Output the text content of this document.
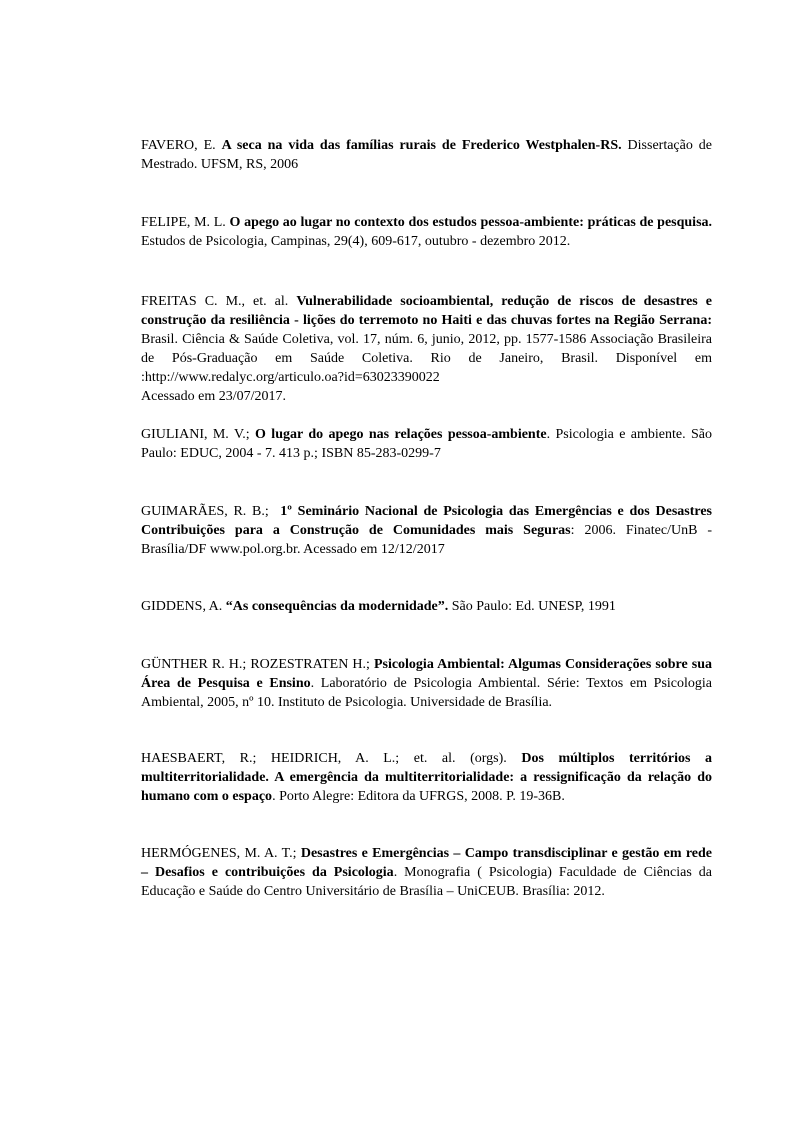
FAVERO, E. A seca na vida das famílias rurais de Frederico Westphalen-RS. Dissertação de Mestrado. UFSM, RS, 2006

FELIPE, M. L. O apego ao lugar no contexto dos estudos pessoa-ambiente: práticas de pesquisa. Estudos de Psicologia, Campinas, 29(4), 609-617, outubro - dezembro 2012.

FREITAS C. M., et. al. Vulnerabilidade socioambiental, redução de riscos de desastres e construção da resiliência - lições do terremoto no Haiti e das chuvas fortes na Região Serrana: Brasil. Ciência & Saúde Coletiva, vol. 17, núm. 6, junio, 2012, pp. 1577-1586 Associação Brasileira de Pós-Graduação em Saúde Coletiva. Rio de Janeiro, Brasil. Disponível em :http://www.redalyc.org/articulo.oa?id=63023390022
Acessado em 23/07/2017.

GIULIANI, M. V.; O lugar do apego nas relações pessoa-ambiente. Psicologia e ambiente. São Paulo: EDUC, 2004 - 7. 413 p.; ISBN 85-283-0299-7

GUIMARÃES, R. B.; 1º Seminário Nacional de Psicologia das Emergências e dos Desastres Contribuições para a Construção de Comunidades mais Seguras: 2006. Finatec/UnB - Brasília/DF www.pol.org.br. Acessado em 12/12/2017

GIDDENS, A. “As consequências da modernidade”. São Paulo: Ed. UNESP, 1991

GÜNTHER R. H.; ROZESTRATEN H.; Psicologia Ambiental: Algumas Considerações sobre sua Área de Pesquisa e Ensino. Laboratório de Psicologia Ambiental. Série: Textos em Psicologia Ambiental, 2005, nº 10. Instituto de Psicologia. Universidade de Brasília.

HAESBAERT, R.; HEIDRICH, A. L.; et. al. (orgs). Dos múltiplos territórios a multiterritorialidade. A emergência da multiterritorialidade: a ressignificação da relação do humano com o espaço. Porto Alegre: Editora da UFRGS, 2008. P. 19-36B.

HERMÓGENES, M. A. T.; Desastres e Emergências – Campo transdisciplinar e gestão em rede – Desafios e contribuições da Psicologia. Monografia ( Psicologia) Faculdade de Ciências da Educação e Saúde do Centro Universitário de Brasília – UniCEUB. Brasília: 2012.
